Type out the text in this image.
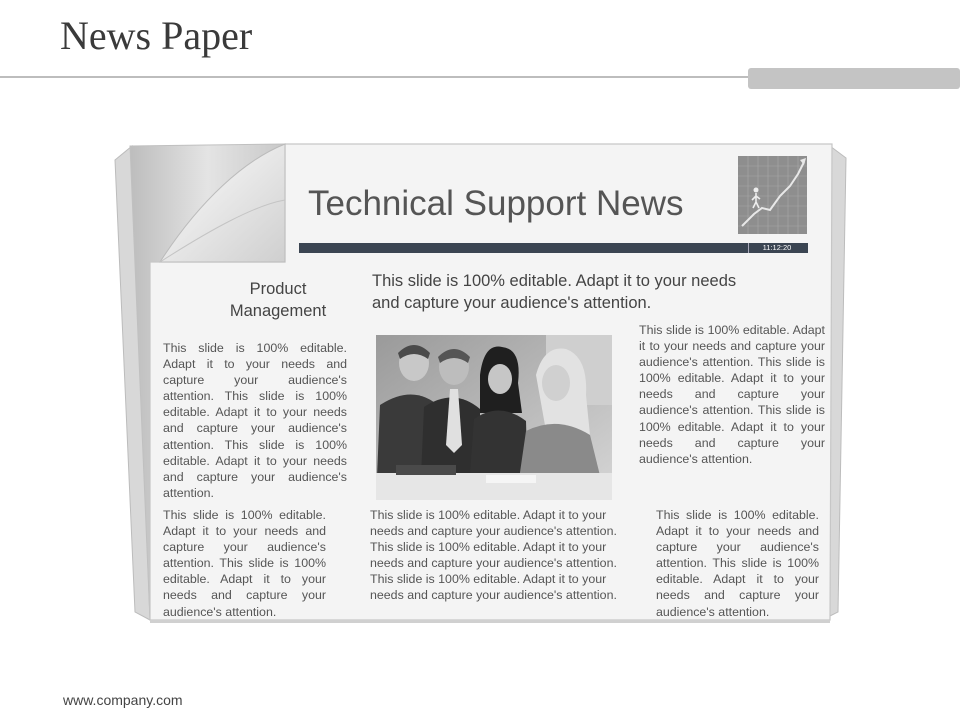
News Paper
Technical Support News
11:12:20
Product Management
This slide is 100% editable. Adapt it to your needs and capture your audience's attention.
This slide is 100% editable. Adapt it to your needs and capture your audience's attention. This slide is 100% editable. Adapt it to your needs and capture your audience's attention. This slide is 100% editable. Adapt it to your needs and capture your audience's attention.
This slide is 100% editable. Adapt it to your needs and capture your audience's attention. This slide is 100% editable. Adapt it to your needs and capture your audience's attention. This slide is 100% editable. Adapt it to your needs and capture your audience's attention.
This slide is 100% editable. Adapt it to your needs and capture your audience's attention. This slide is 100% editable. Adapt it to your needs and capture your audience's attention.
This slide is 100% editable. Adapt it to your needs and capture your audience's attention. This slide is 100% editable. Adapt it to your needs and capture your audience's attention. This slide is 100% editable. Adapt it to your needs and capture your audience's attention.
This slide is 100% editable. Adapt it to your needs and capture your audience's attention. This slide is 100% editable. Adapt it to your needs and capture your audience's attention.
www.company.com
